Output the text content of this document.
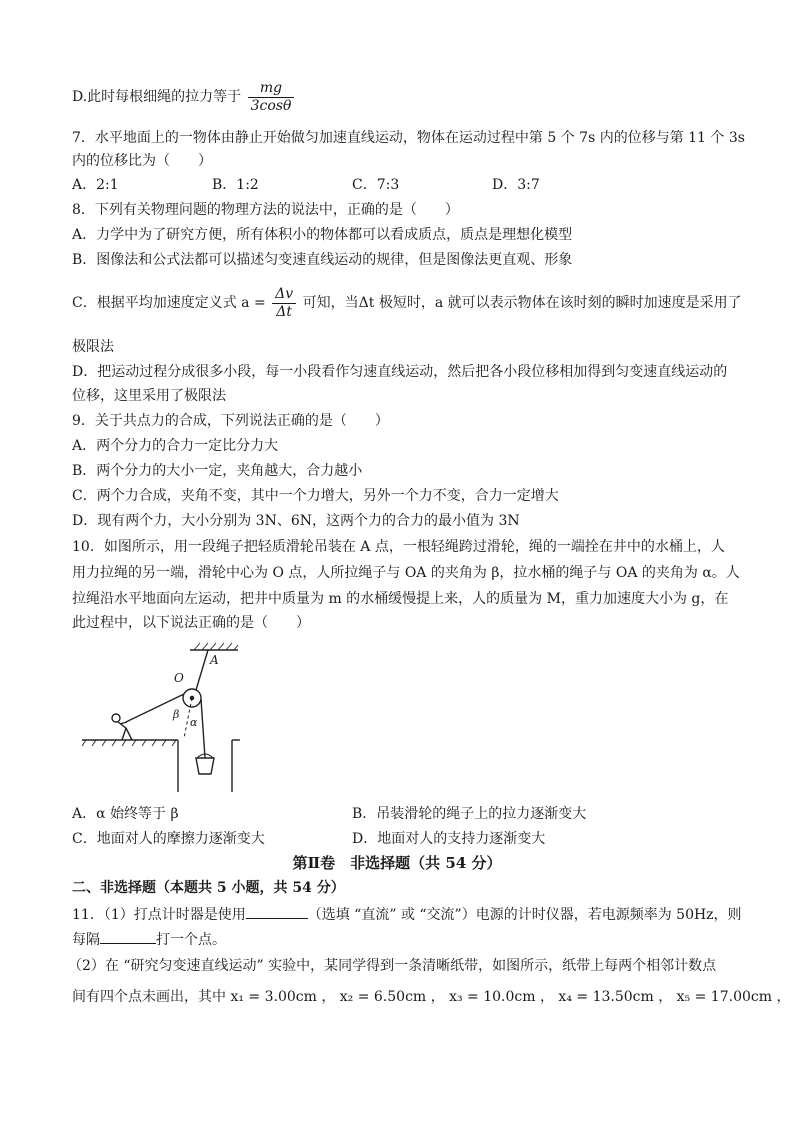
D.此时每根细绳的拉力等于 $\frac{mg}{3\cos\theta}$
7．水平地面上的一物体由静止开始做匀加速直线运动，物体在运动过程中第 5 个 7s 内的位移与第 11 个 3s
内的位移比为（　　）
A．2:1	B．1:2	C．7:3	D．3:7
8．下列有关物理问题的物理方法的说法中，正确的是（　　）
A．力学中为了研究方便，所有体积小的物体都可以看成质点，质点是理想化模型
B．图像法和公式法都可以描述匀变速直线运动的规律，但是图像法更直观、形象
C．根据平均加速度定义式 $a = \frac{\Delta v}{\Delta t}$ 可知，当Δt 极短时，a 就可以表示物体在该时刻的瞬时加速度是采用了
极限法
D．把运动过程分成很多小段，每一小段看作匀速直线运动，然后把各小段位移相加得到匀变速直线运动的
位移，这里采用了极限法
9．关于共点力的合成，下列说法正确的是（　　）
A．两个分力的合力一定比分力大
B．两个分力的大小一定，夹角越大，合力越小
C．两个力合成，夹角不变，其中一个力增大，另外一个力不变，合力一定增大
D．现有两个力，大小分别为 3N、6N，这两个力的合力的最小值为 3N
10．如图所示，用一段绳子把轻质滑轮吊装在 A 点，一根轻绳跨过滑轮，绳的一端拴在井中的水桶上，人
用力拉绳的另一端，滑轮中心为 O 点，人所拉绳子与 OA 的夹角为 β，拉水桶的绳子与 OA 的夹角为 α。人
拉绳沿水平地面向左运动，把井中质量为 m 的水桶缓慢提上来，人的质量为 M，重力加速度大小为 g，在
此过程中，以下说法正确的是（　　）
A
O
β
α
A．α 始终等于 β	B．吊装滑轮的绳子上的拉力逐渐变大
C．地面对人的摩擦力逐渐变大	D．地面对人的支持力逐渐变大
第Ⅱ卷　非选择题（共 54 分）
二、非选择题（本题共 5 小题，共 54 分）
11．（1）打点计时器是使用	（选填 “直流” 或 “交流”）电源的计时仪器，若电源频率为 50Hz，则
每隔	打一个点。
（2）在 “研究匀变速直线运动” 实验中，某同学得到一条清晰纸带，如图所示，纸带上每两个相邻计数点
间有四个点未画出，其中 x₁ = 3.00cm ， x₂ = 6.50cm ， x₃ = 10.0cm ， x₄ = 13.50cm ， x₅ = 17.00cm ，
